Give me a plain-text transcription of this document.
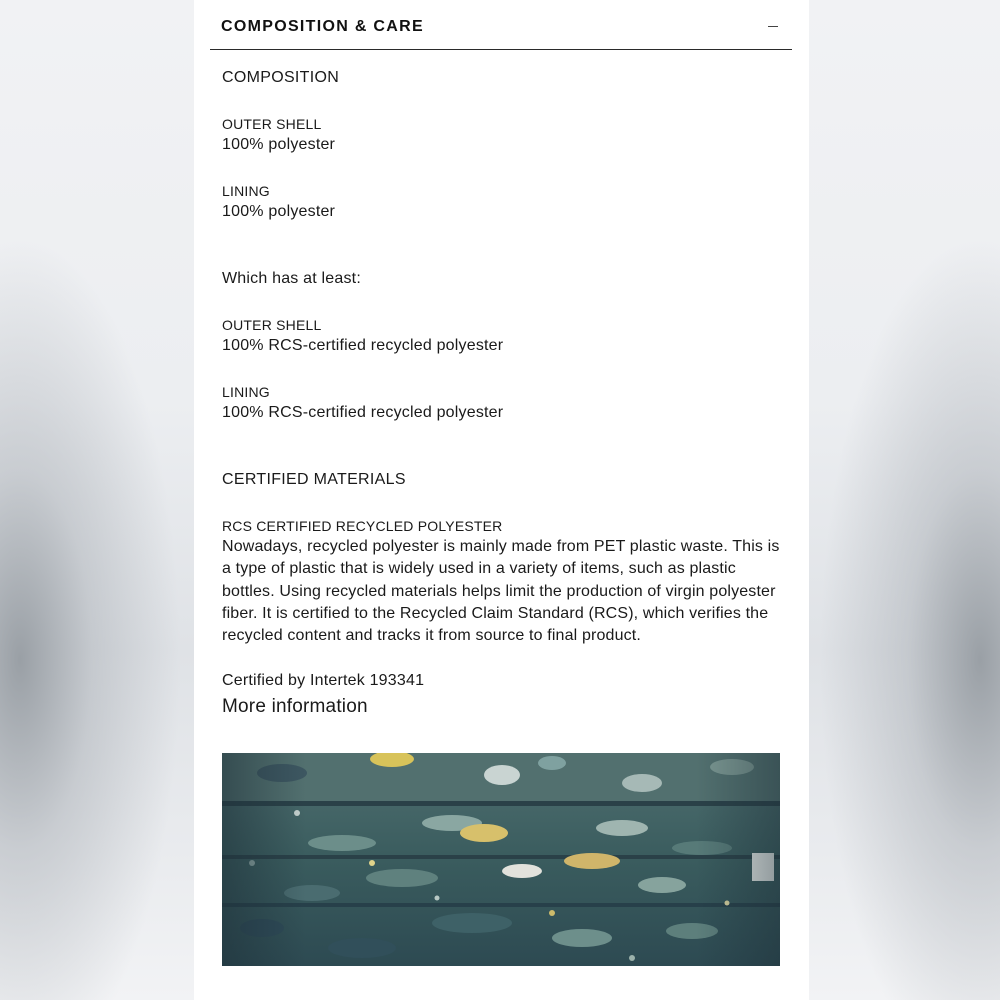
COMPOSITION & CARE
COMPOSITION
OUTER SHELL
100% polyester
LINING
100% polyester
Which has at least:
OUTER SHELL
100% RCS-certified recycled polyester
LINING
100% RCS-certified recycled polyester
CERTIFIED MATERIALS
RCS CERTIFIED RECYCLED POLYESTER
Nowadays, recycled polyester is mainly made from PET plastic waste. This is
a type of plastic that is widely used in a variety of items, such as plastic
bottles. Using recycled materials helps limit the production of virgin polyester
fiber. It is certified to the Recycled Claim Standard (RCS), which verifies the
recycled content and tracks it from source to final product.
Certified by Intertek 193341
More information
